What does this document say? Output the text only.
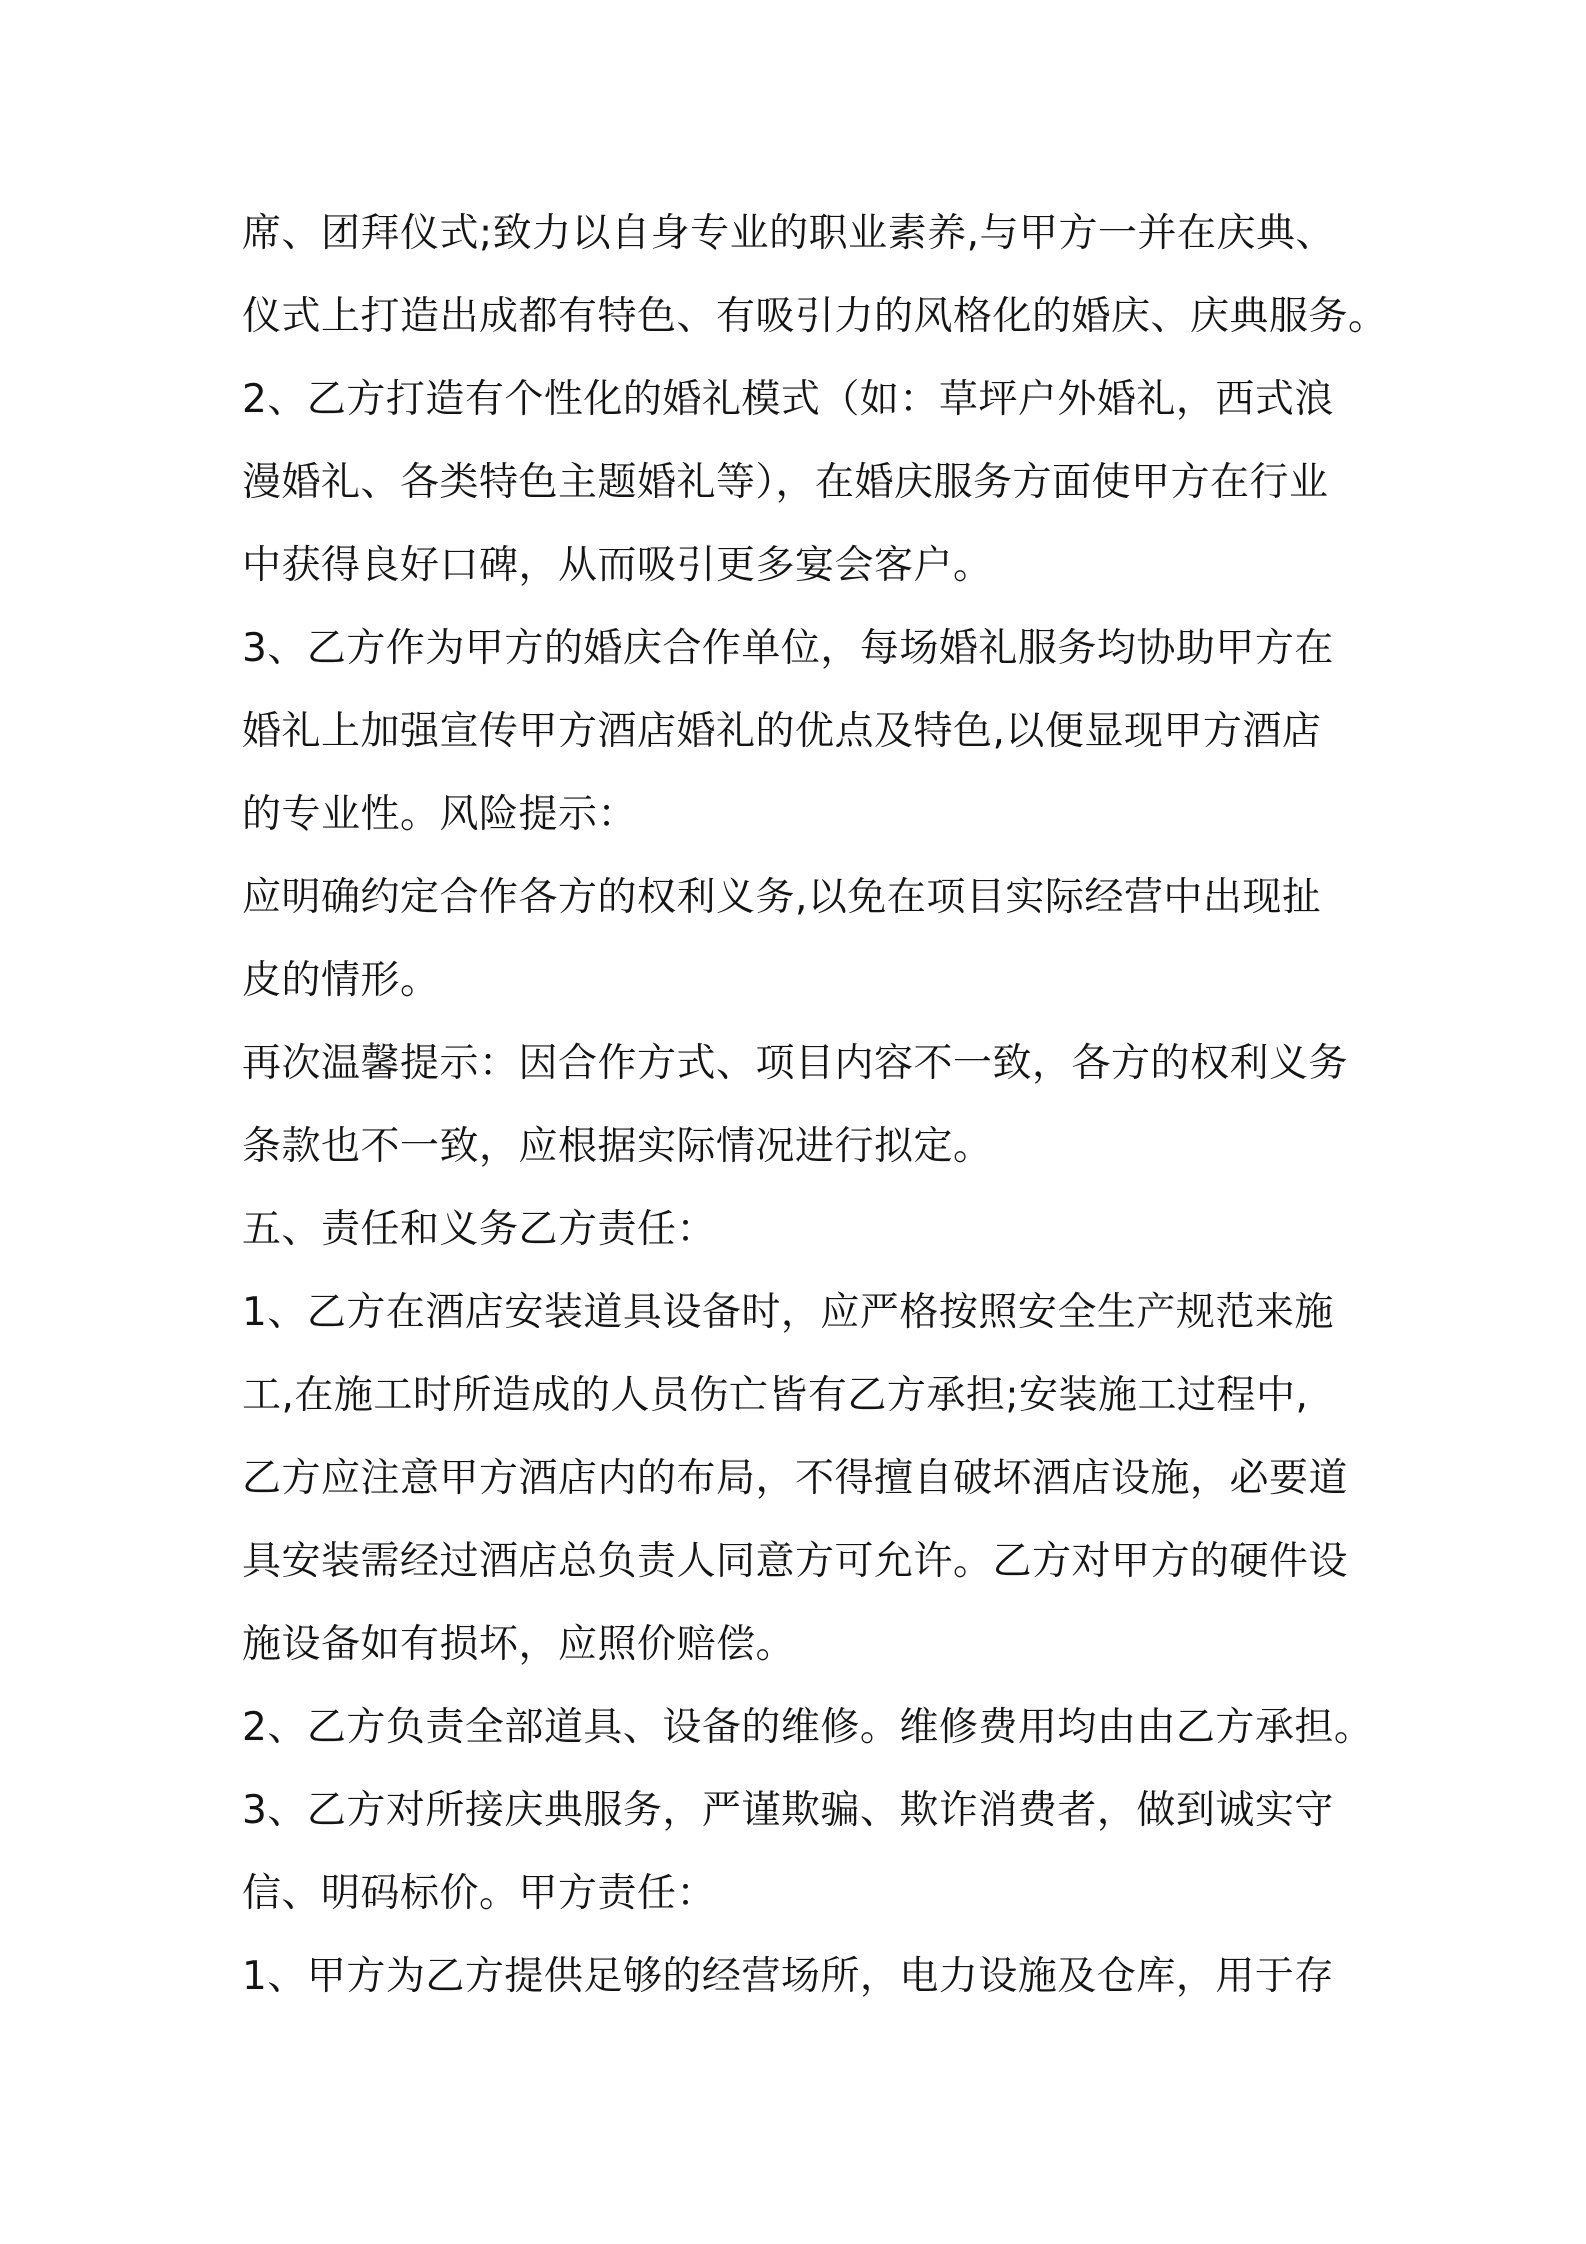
席、团拜仪式;致力以自身专业的职业素养,与甲方一并在庆典、
仪式上打造出成都有特色、有吸引力的风格化的婚庆、庆典服务。
2、乙方打造有个性化的婚礼模式（如：草坪户外婚礼，西式浪
漫婚礼、各类特色主题婚礼等），在婚庆服务方面使甲方在行业
中获得良好口碑，从而吸引更多宴会客户。
3、乙方作为甲方的婚庆合作单位，每场婚礼服务均协助甲方在
婚礼上加强宣传甲方酒店婚礼的优点及特色,以便显现甲方酒店
的专业性。风险提示：
应明确约定合作各方的权利义务,以免在项目实际经营中出现扯
皮的情形。
再次温馨提示：因合作方式、项目内容不一致，各方的权利义务
条款也不一致，应根据实际情况进行拟定。
五、责任和义务乙方责任：
1、乙方在酒店安装道具设备时，应严格按照安全生产规范来施
工,在施工时所造成的人员伤亡皆有乙方承担;安装施工过程中,
乙方应注意甲方酒店内的布局，不得擅自破坏酒店设施，必要道
具安装需经过酒店总负责人同意方可允许。乙方对甲方的硬件设
施设备如有损坏，应照价赔偿。
2、乙方负责全部道具、设备的维修。维修费用均由由乙方承担。
3、乙方对所接庆典服务，严谨欺骗、欺诈消费者，做到诚实守
信、明码标价。甲方责任：
1、甲方为乙方提供足够的经营场所，电力设施及仓库，用于存
